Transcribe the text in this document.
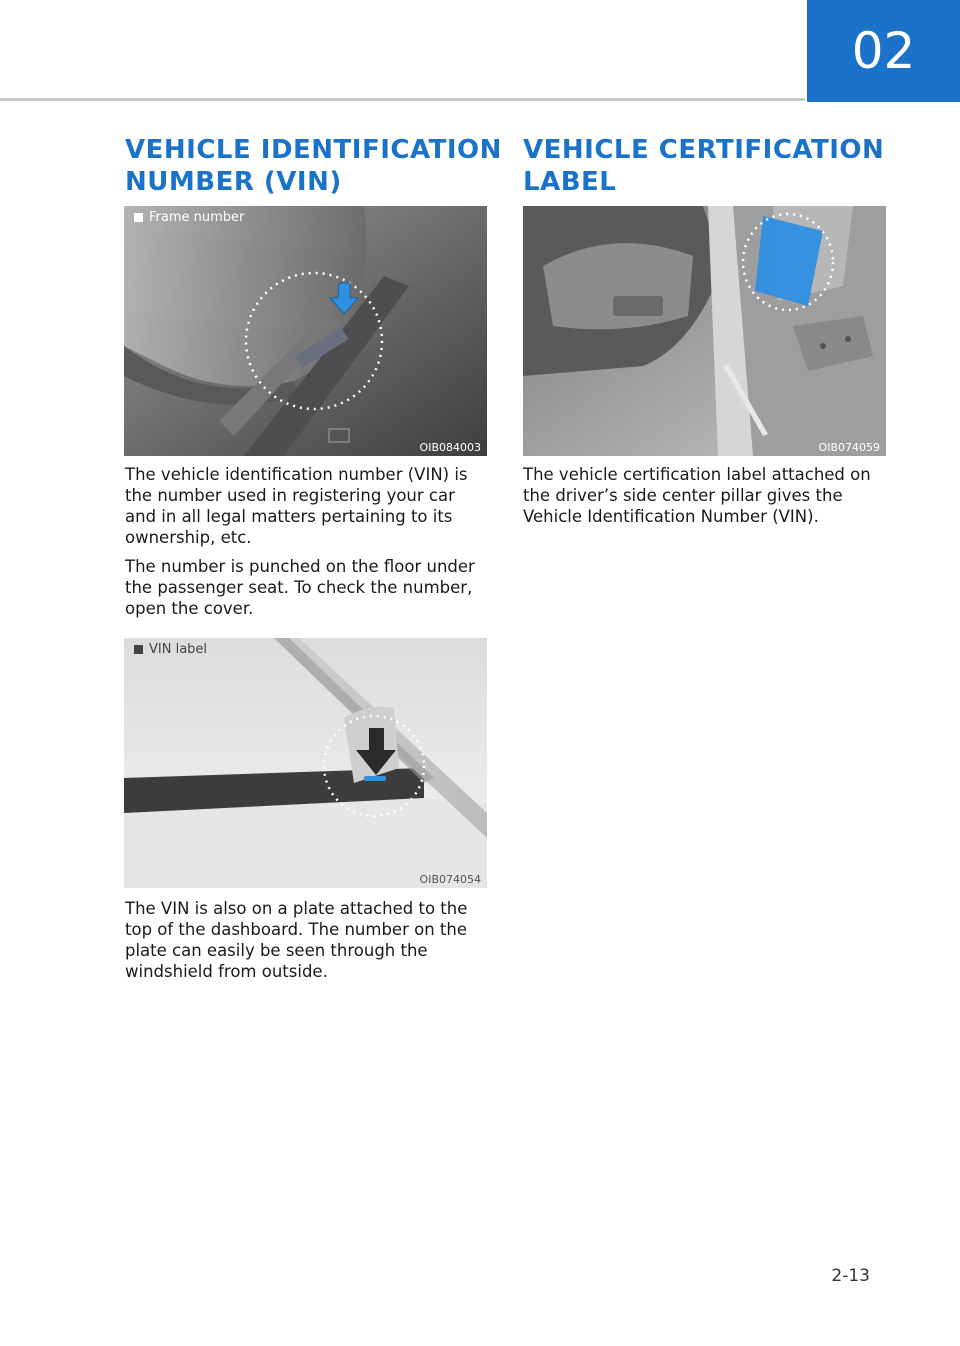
02
VEHICLE IDENTIFICATION
NUMBER (VIN)
Frame number
OIB084003

The vehicle identification number (VIN) is the number used in registering your car and in all legal matters pertaining to its ownership, etc.

The number is punched on the floor under the passenger seat. To check the number, open the cover.

VIN label
OIB074054

The VIN is also on a plate attached to the top of the dashboard. The number on the plate can easily be seen through the windshield from outside.

VEHICLE CERTIFICATION
LABEL
OIB074059

The vehicle certification label attached on the driver’s side center pillar gives the Vehicle Identification Number (VIN).

2-13
